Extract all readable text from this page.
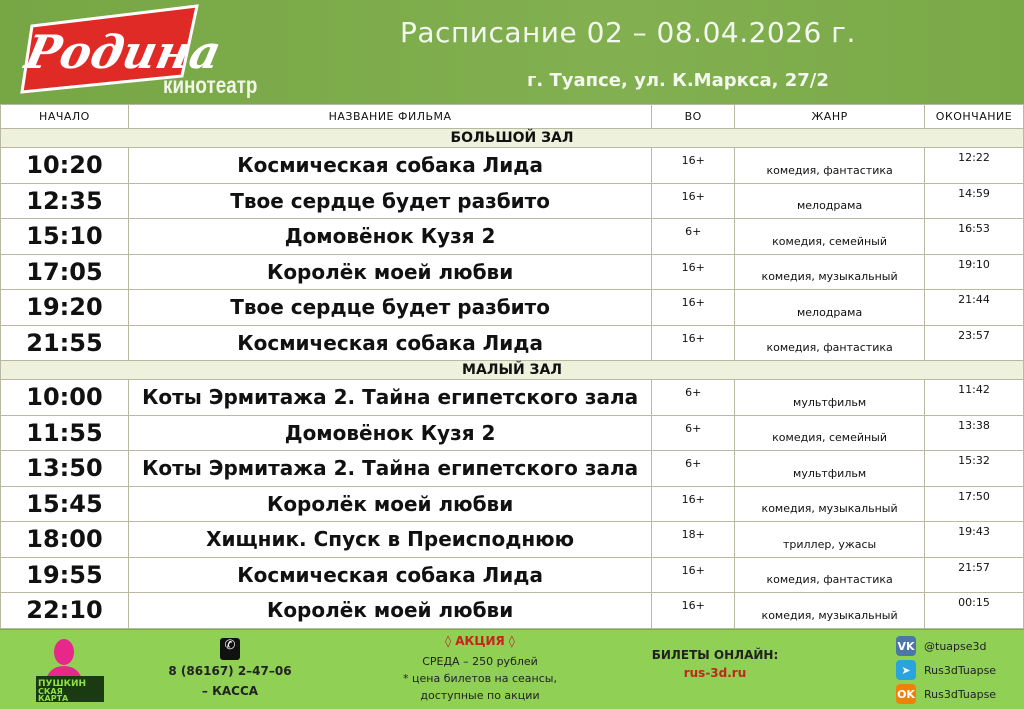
Родина
кинотеатр
Расписание 02 – 08.04.2026 г.
г. Туапсе, ул. К.Маркса, 27/2
НАЧАЛО	НАЗВАНИЕ ФИЛЬМА	ВО	ЖАНР	ОКОНЧАНИЕ
БОЛЬШОЙ ЗАЛ				
10:20	Космическая собака Лида	16+	комедия, фантастика	12:22
12:35	Твое сердце будет разбито	16+	мелодрама	14:59
15:10	Домовёнок Кузя 2	6+	комедия, семейный	16:53
17:05	Королёк моей любви	16+	комедия, музыкальный	19:10
19:20	Твое сердце будет разбито	16+	мелодрама	21:44
21:55	Космическая собака Лида	16+	комедия, фантастика	23:57
МАЛЫЙ ЗАЛ				
10:00	Коты Эрмитажа 2. Тайна египетского зала	6+	мультфильм	11:42
11:55	Домовёнок Кузя 2	6+	комедия, семейный	13:38
13:50	Коты Эрмитажа 2. Тайна египетского зала	6+	мультфильм	15:32
15:45	Королёк моей любви	16+	комедия, музыкальный	17:50
18:00	Хищник. Спуск в Преисподнюю	18+	триллер, ужасы	19:43
19:55	Космическая собака Лида	16+	комедия, фантастика	21:57
22:10	Королёк моей любви	16+	комедия, музыкальный	00:15
ПУШКИН
СКАЯ
КАРТА
✆
8 (86167) 2–47–06
– КАССА
◊ АКЦИЯ ◊
СРЕДА – 250 рублей
* цена билетов на сеансы,
доступные по акции
БИЛЕТЫ ОНЛАЙН:
rus-3d.ru
VK @tuapse3d
➤	Rus3dTuapse
OK Rus3dTuapse
